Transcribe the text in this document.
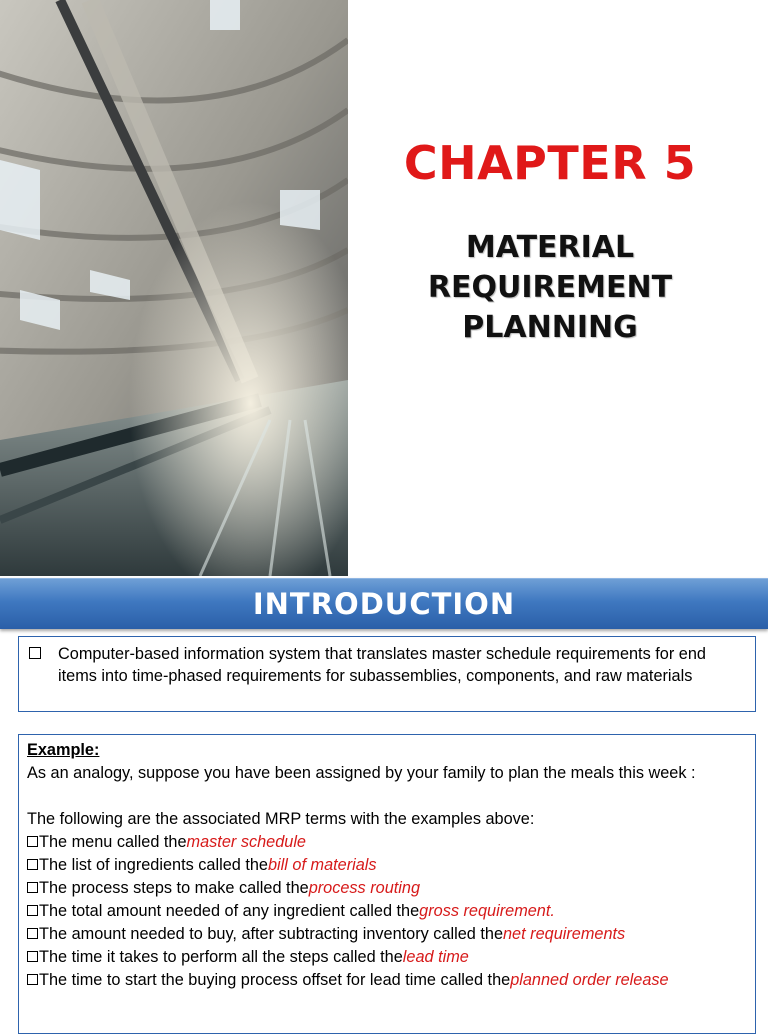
CHAPTER 5
MATERIAL
REQUIREMENT
PLANNING
INTRODUCTION
Computer-based information system that translates master schedule requirements for end items into time-phased requirements for subassemblies, components, and raw materials
Example:
As an analogy, suppose you have been assigned by your family to plan the meals this week :
The following are the associated MRP terms with the examples above:
The menu called the master schedule
The list of ingredients called the bill of materials
The process steps to make called the process routing
The total amount needed of any ingredient called the gross requirement.
The amount needed to buy, after subtracting inventory called the net requirements
The time it takes to perform all the steps called the lead time
The time to start the buying process offset for lead time called the planned order release
